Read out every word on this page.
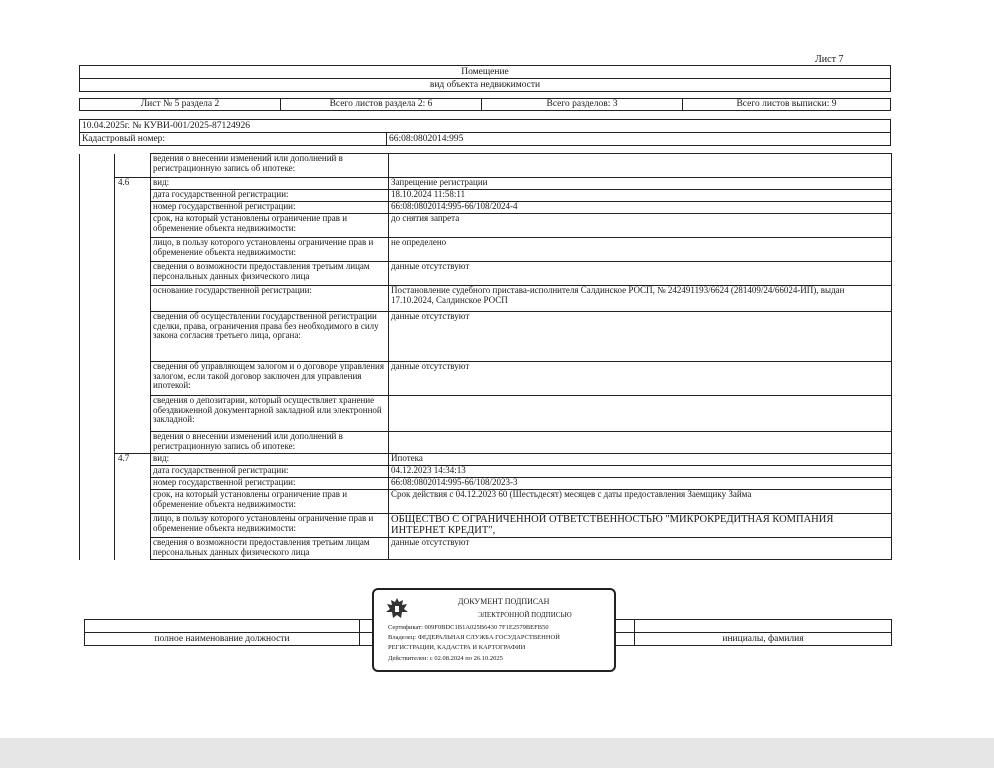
Лист 7
Помещение
вид объекта недвижимости
Лист № 5 раздела 2	Всего листов раздела 2: 6	Всего разделов: 3	Всего листов выписки: 9
10.04.2025г. № КУВИ-001/2025-87124926
Кадастровый номер:	66:08:0802014:995
		ведения о внесении изменений или дополнений в регистрационную запись об ипотеке:	
	4.6	вид:	Запрещение регистрации
		дата государственной регистрации:	18.10.2024 11:58:11
		номер государственной регистрации:	66:08:0802014:995-66/108/2024-4
		срок, на который установлены ограничение прав и обременение объекта недвижимости:	до снятия запрета
		лицо, в пользу которого установлены ограничение прав и обременение объекта недвижимости:	не определено
		сведения о возможности предоставления третьим лицам персональных данных физического лица	данные отсутствуют
		основание государственной регистрации:	Постановление судебного пристава-исполнителя Салдинское РОСП, № 242491193/6624 (281409/24/66024-ИП), выдан 17.10.2024, Салдинское РОСП
		сведения об осуществлении государственной регистрации сделки, права, ограничения права без необходимого в силу закона согласия третьего лица, органа:	данные отсутствуют
		сведения об управляющем залогом и о договоре управления залогом, если такой договор заключен для управления ипотекой:	данные отсутствуют
		сведения о депозитарии, который осуществляет хранение обездвиженной документарной закладной или электронной закладной:	
		ведения о внесении изменений или дополнений в регистрационную запись об ипотеке:	
	4.7	вид:	Ипотека
		дата государственной регистрации:	04.12.2023 14:34:13
		номер государственной регистрации:	66:08:0802014:995-66/108/2023-3
		срок, на который установлены ограничение прав и обременение объекта недвижимости:	Срок действия с 04.12.2023 60 (Шестьдесят) месяцев с даты предоставления Заемщику Займа
		лицо, в пользу которого установлены ограничение прав и обременение объекта недвижимости:	ОБЩЕСТВО С ОГРАНИЧЕННОЙ ОТВЕТСТВЕННОСТЬЮ "МИКРОКРЕДИТНАЯ КОМПАНИЯ ИНТЕРНЕТ КРЕДИТ",
		сведения о возможности предоставления третьим лицам персональных данных физического лица	данные отсутствуют

полное наименование должности		инициалы, фамилия
ДОКУМЕНТ ПОДПИСАН
ЭЛЕКТРОННОЙ ПОДПИСЬЮ
Сертификат: 009F0BDC1B1A025B6430 7F1E2579BEFB50
Владелец: ФЕДЕРАЛЬНАЯ СЛУЖБА ГОСУДАРСТВЕННОЙ
РЕГИСТРАЦИИ, КАДАСТРА И КАРТОГРАФИИ
Действителен: с 02.08.2024 по 26.10.2025
